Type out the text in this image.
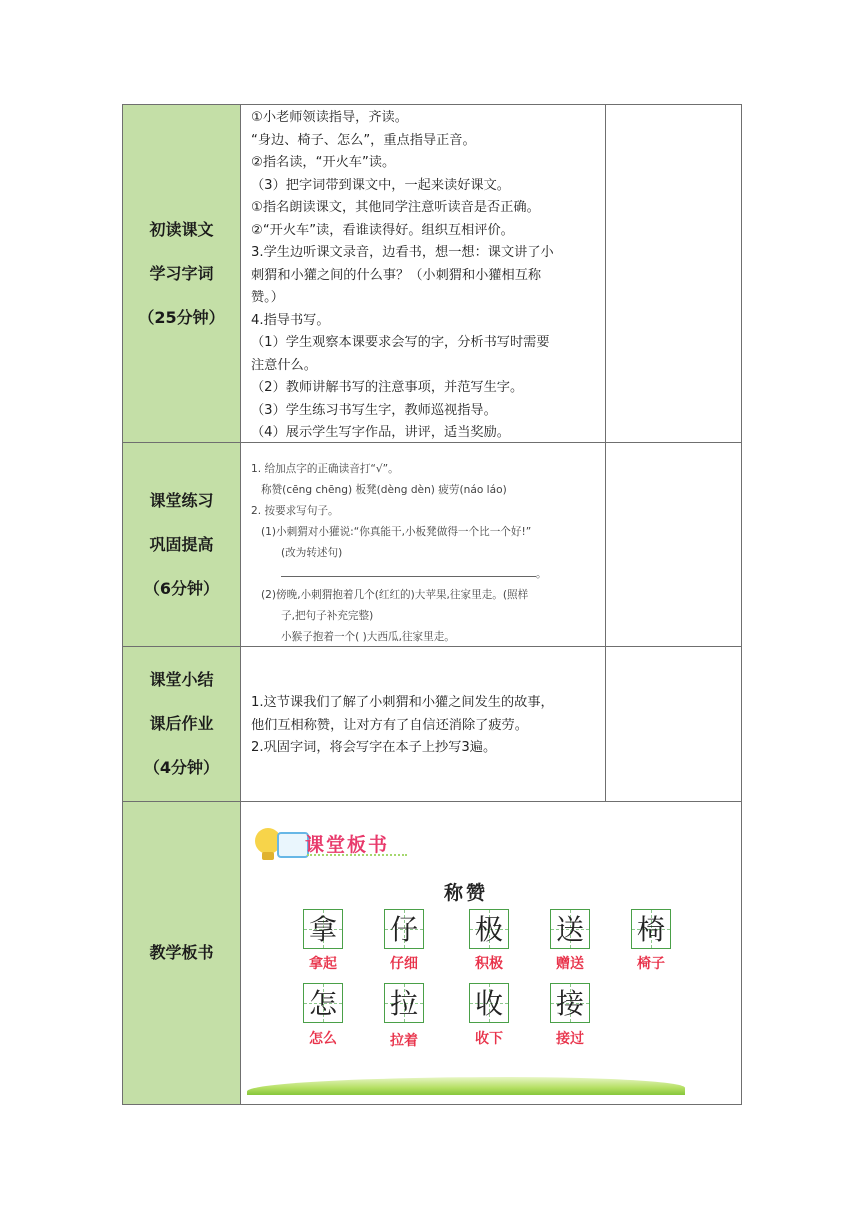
初读课文
学习字词
（25分钟）

①小老师领读指导，齐读。

“身边、椅子、怎么”，重点指导正音。

②指名读，“开火车”读。

（3）把字词带到课文中，一起来读好课文。

①指名朗读课文，其他同学注意听读音是否正确。

②“开火车”读，看谁读得好。组织互相评价。

3.学生边听课文录音，边看书，想一想：课文讲了小

刺猬和小獾之间的什么事？（小刺猬和小獾相互称

赞。）

4.指导书写。

（1）学生观察本课要求会写的字，分析书写时需要

注意什么。

（2）教师讲解书写的注意事项，并范写生字。

（3）学生练习书写生字，教师巡视指导。

（4）展示学生写字作品，讲评，适当奖励。

课堂练习
巩固提高
（6分钟）

1. 给加点字的正确读音打“√”。

称赞(cēng chēng) 板凳(dèng dèn) 疲劳(náo láo)

2. 按要求写句子。

(1)小刺猬对小獾说:“你真能干,小板凳做得一个比一个好!”

(改为转述句)

。

(2)傍晚,小刺猬抱着几个(红红的)大苹果,往家里走。(照样

子,把句子补充完整)

小猴子抱着一个( )大西瓜,往家里走。

课堂小结
课后作业
（4分钟）

1.这节课我们了解了小刺猬和小獾之间发生的故事，

他们互相称赞，让对方有了自信还消除了疲劳。

2.巩固字词，将会写字在本子上抄写3遍。

教学板书
课堂板书
称赞
拿 仔 极 送 椅
拿起	仔细	积极	赠送	椅子
怎 拉 收 接
怎么	拉着	收下	接过
